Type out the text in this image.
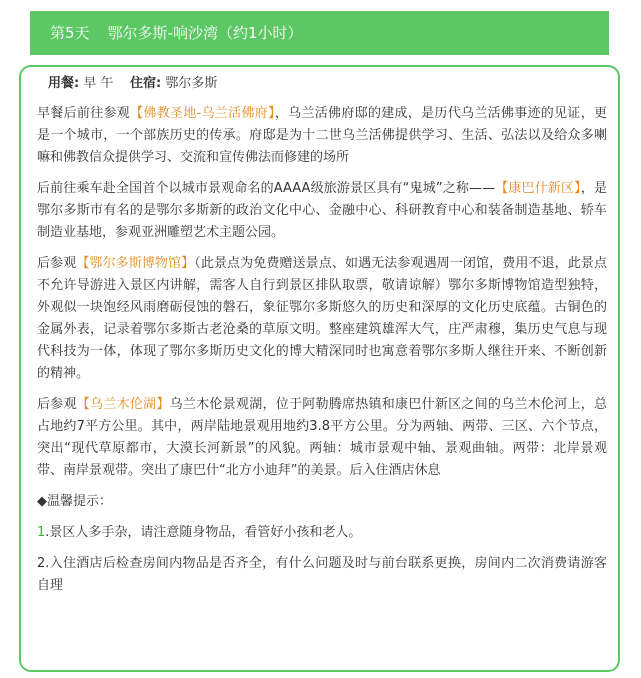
第5天 鄂尔多斯-响沙湾（约1小时）
用餐: 早 午 住宿: 鄂尔多斯

早餐后前往参观【佛教圣地-乌兰活佛府】，乌兰活佛府邸的建成，是历代乌兰活佛事迹的见证，更是一个城市，一个部族历史的传承。府邸是为十二世乌兰活佛提供学习、生活、弘法以及给众多喇嘛和佛教信众提供学习、交流和宣传佛法而修建的场所

后前往乘车赴全国首个以城市景观命名的AAAA级旅游景区具有“鬼城”之称——【康巴什新区】，是鄂尔多斯市有名的是鄂尔多斯新的政治文化中心、金融中心、科研教育中心和装备制造基地、轿车制造业基地，参观亚洲雕塑艺术主题公园。

后参观【鄂尔多斯博物馆】（此景点为免费赠送景点、如遇无法参观遇周一闭馆，费用不退，此景点不允许导游进入景区内讲解，需客人自行到景区排队取票，敬请谅解）鄂尔多斯博物馆造型独特，外观似一块饱经风雨磨砺侵蚀的磐石，象征鄂尔多斯悠久的历史和深厚的文化历史底蕴。古铜色的金属外表，记录着鄂尔多斯古老沧桑的草原文明。整座建筑雄浑大气，庄严肃穆，集历史气息与现代科技为一体，体现了鄂尔多斯历史文化的博大精深同时也寓意着鄂尔多斯人继往开来、不断创新的精神。

后参观【乌兰木伦湖】乌兰木伦景观湖，位于阿勒腾席热镇和康巴什新区之间的乌兰木伦河上，总占地约7平方公里。其中，两岸陆地景观用地约3.8平方公里。分为两轴、两带、三区、六个节点，突出“现代草原都市，大漠长河新景”的风貌。两轴：城市景观中轴、景观曲轴。两带：北岸景观带、南岸景观带。突出了康巴什“北方小迪拜”的美景。后入住酒店休息

◆温馨提示：

1.景区人多手杂，请注意随身物品，看管好小孩和老人。

2.入住酒店后检查房间内物品是否齐全，有什么问题及时与前台联系更换，房间内二次消费请游客自理
